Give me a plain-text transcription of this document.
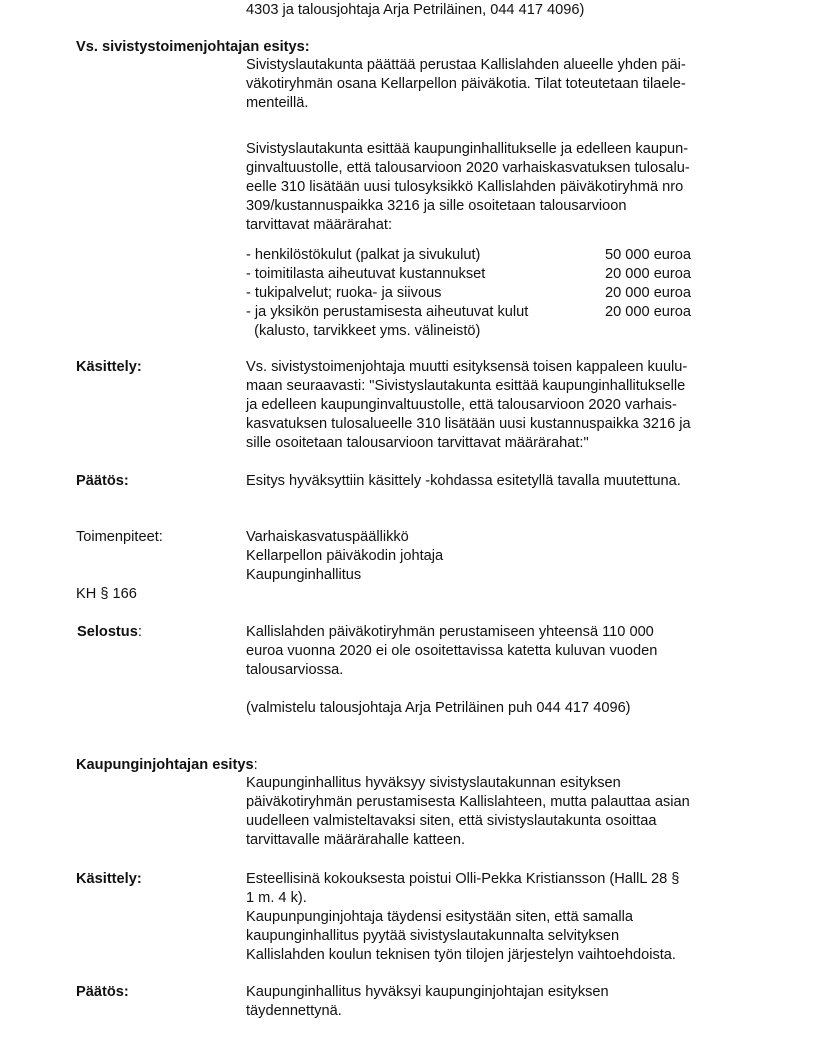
4303 ja talousjohtaja Arja Petriläinen, 044 417 4096)
Vs. sivistystoimenjohtajan esitys:
Sivistyslautakunta päättää perustaa Kallislahden alueelle yhden päi-
väkotiryhmän osana Kellarpellon päiväkotia. Tilat toteutetaan tilaele-
menteillä.
Sivistyslautakunta esittää kaupunginhallitukselle ja edelleen kaupun-
ginvaltuustolle, että talousarvioon 2020 varhaiskasvatuksen tulosalu-
eelle 310 lisätään uusi tulosyksikkö Kallislahden päiväkotiryhmä nro
309/kustannuspaikka 3216 ja sille osoitetaan talousarvioon
tarvittavat määrärahat:
- henkilöstökulut (palkat ja sivukulut)	50 000 euroa
- toimitilasta aiheutuvat kustannukset	20 000 euroa
- tukipalvelut; ruoka- ja siivous	20 000 euroa
- ja yksikön perustamisesta aiheutuvat kulut	20 000 euroa
(kalusto, tarvikkeet yms. välineistö)
Käsittely:	Vs. sivistystoimenjohtaja muutti esityksensä toisen kappaleen kuulu-
maan seuraavasti: "Sivistyslautakunta esittää kaupunginhallitukselle
ja edelleen kaupunginvaltuustolle, että talousarvioon 2020 varhais-
kasvatuksen tulosalueelle 310 lisätään uusi kustannuspaikka 3216 ja
sille osoitetaan talousarvioon tarvittavat määrärahat:"
Päätös:	Esitys hyväksyttiin käsittely -kohdassa esitetyllä tavalla muutettuna.
Toimenpiteet:	Varhaiskasvatuspäällikkö
Kellarpellon päiväkodin johtaja
Kaupunginhallitus
KH § 166
Selostus:	Kallislahden päiväkotiryhmän perustamiseen yhteensä 110 000
euroa vuonna 2020 ei ole osoitettavissa katetta kuluvan vuoden
talousarviossa.
(valmistelu talousjohtaja Arja Petriläinen puh 044 417 4096)
Kaupunginjohtajan esitys:
Kaupunginhallitus hyväksyy sivistyslautakunnan esityksen
päiväkotiryhmän perustamisesta Kallislahteen, mutta palauttaa asian
uudelleen valmisteltavaksi siten, että sivistyslautakunta osoittaa
tarvittavalle määrärahalle katteen.
Käsittely:	Esteellisinä kokouksesta poistui Olli-Pekka Kristiansson (HallL 28 §
1 m. 4 k).
Kaupunpunginjohtaja täydensi esitystään siten, että samalla
kaupunginhallitus pyytää sivistyslautakunnalta selvityksen
Kallislahden koulun teknisen työn tilojen järjestelyn vaihtoehdoista.
Päätös:	Kaupunginhallitus hyväksyi kaupunginjohtajan esityksen
täydennettynä.
